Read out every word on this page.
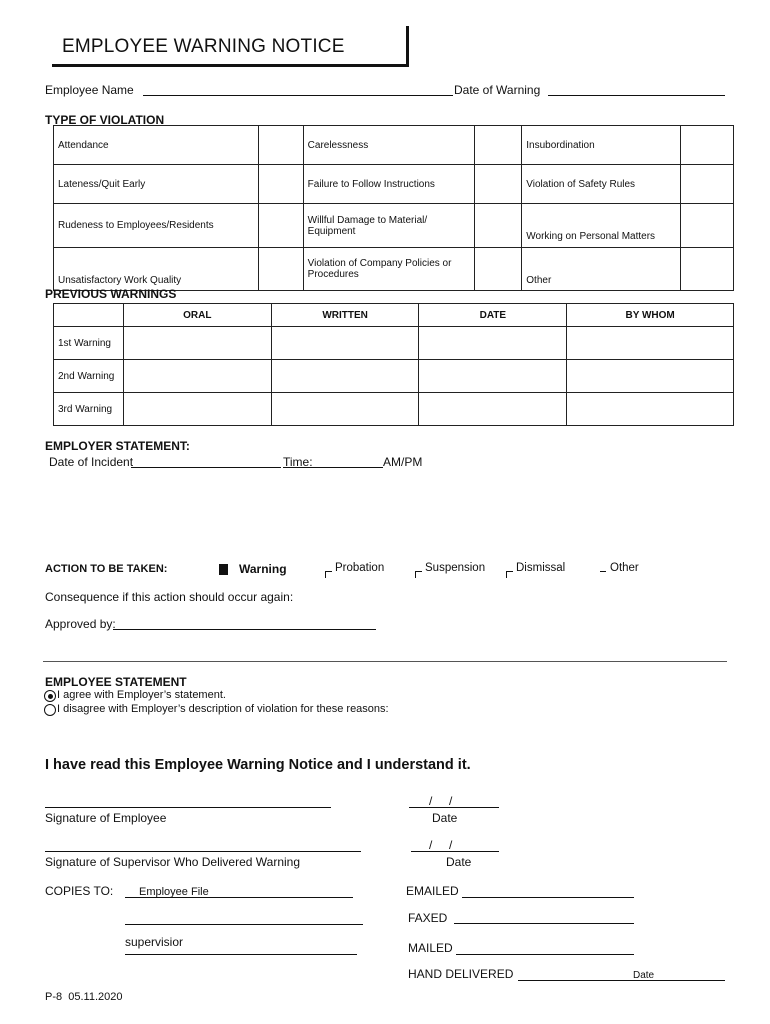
EMPLOYEE WARNING NOTICE
Employee Name	Date of Warning
TYPE OF VIOLATION
Attendance		Carelessness		Insubordination	
Lateness/Quit Early		Failure to Follow Instructions		Violation of Safety Rules	
Rudeness to Employees/Residents		Willful Damage to Material/ Equipment		Working on Personal Matters	
Unsatisfactory Work Quality		Violation of Company Policies or Procedures		Other	
PREVIOUS WARNINGS
	ORAL	WRITTEN	DATE	BY WHOM
1st Warning				
2nd Warning				
3rd Warning				
EMPLOYER STATEMENT:
Date of Incident	Time:	AM/PM
ACTION TO BE TAKEN:	Warning	Probation	Suspension	Dismissal	Other
Consequence if this action should occur again:
Approved by:
EMPLOYEE STATEMENT
I agree with Employer’s statement.
I disagree with Employer’s description of violation for these reasons:
I have read this Employee Warning Notice and I understand it.
Signature of Employee
/     /
Date
Signature of Supervisor Who Delivered Warning
/     /
Date
COPIES TO: Employee File
supervisior
EMAILED
FAXED
MAILED
HAND DELIVERED	Date
P-8  05.11.2020
